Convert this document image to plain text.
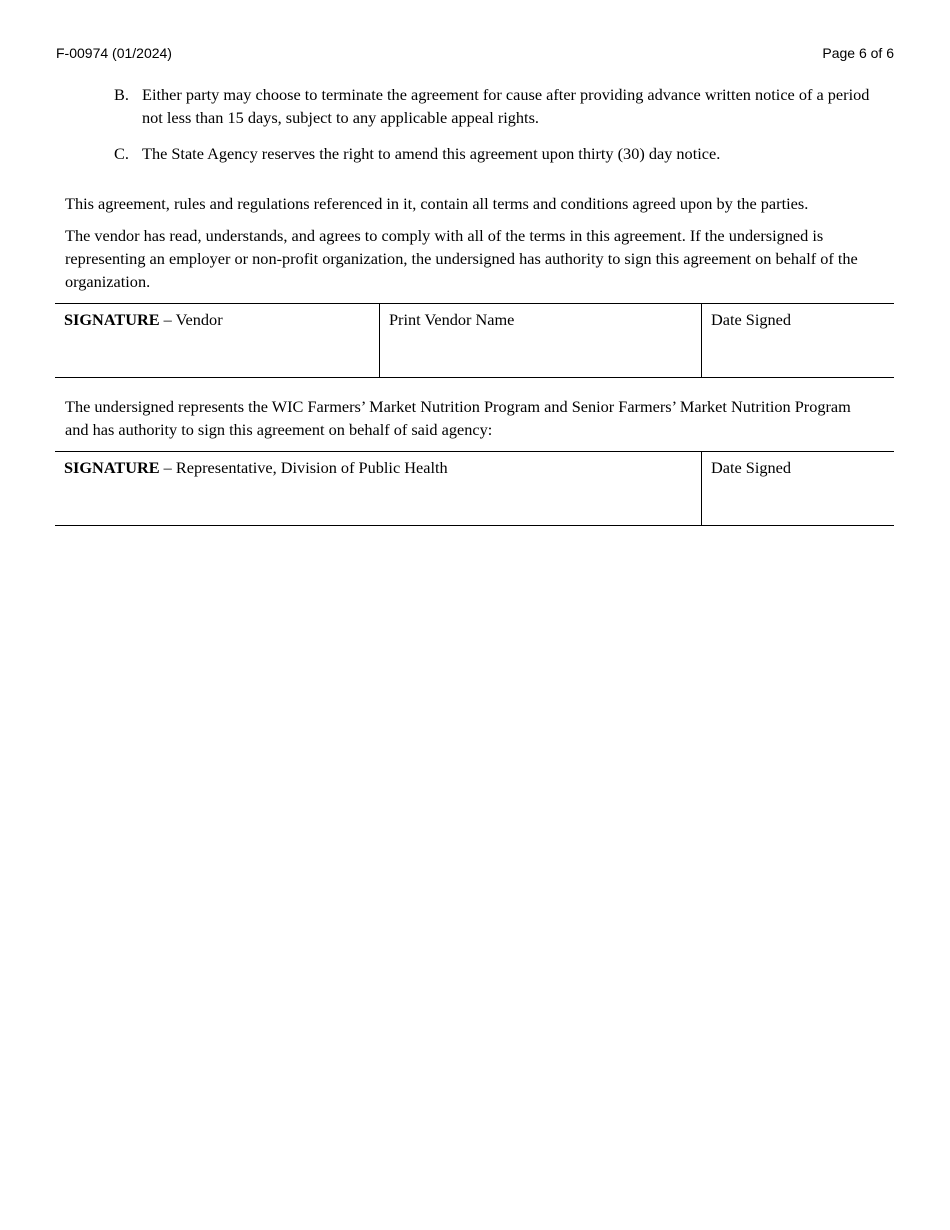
F-00974 (01/2024)	Page 6 of 6
B. Either party may choose to terminate the agreement for cause after providing advance written notice of a period not less than 15 days, subject to any applicable appeal rights.
C. The State Agency reserves the right to amend this agreement upon thirty (30) day notice.
This agreement, rules and regulations referenced in it, contain all terms and conditions agreed upon by the parties.
The vendor has read, understands, and agrees to comply with all of the terms in this agreement. If the undersigned is representing an employer or non-profit organization, the undersigned has authority to sign this agreement on behalf of the organization.
SIGNATURE – Vendor	Print Vendor Name	Date Signed
The undersigned represents the WIC Farmers’ Market Nutrition Program and Senior Farmers’ Market Nutrition Program and has authority to sign this agreement on behalf of said agency:
SIGNATURE – Representative, Division of Public Health	Date Signed
